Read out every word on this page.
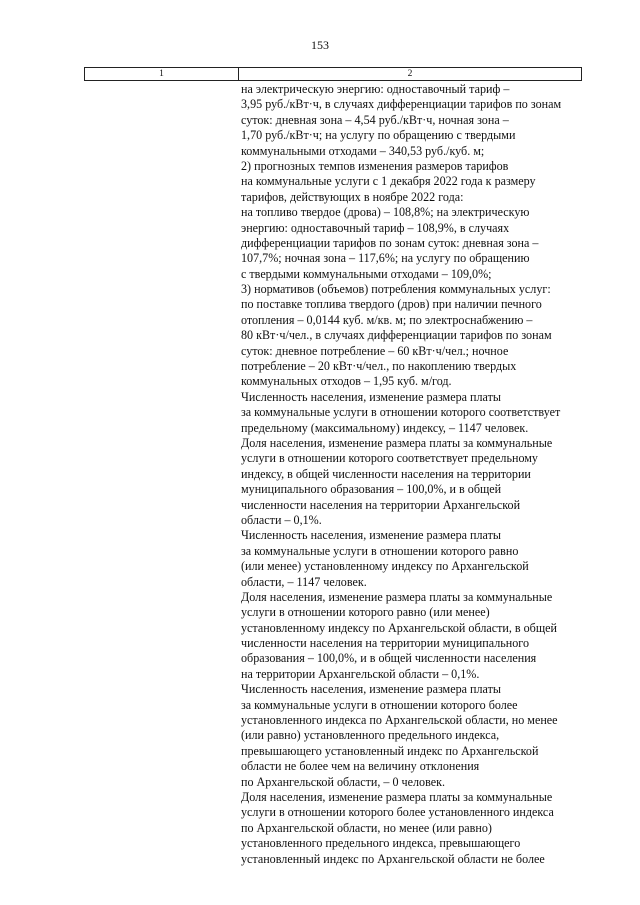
153
1	2
на электрическую энергию: одноставочный тариф –
3,95 руб./кВт·ч, в случаях дифференциации тарифов по зонам
суток: дневная зона – 4,54 руб./кВт·ч, ночная зона –
1,70 руб./кВт·ч; на услугу по обращению с твердыми
коммунальными отходами – 340,53 руб./куб. м;
2) прогнозных темпов изменения размеров тарифов
на коммунальные услуги с 1 декабря 2022 года к размеру
тарифов, действующих в ноябре 2022 года:
на топливо твердое (дрова) – 108,8%; на электрическую
энергию: одноставочный тариф – 108,9%, в случаях
дифференциации тарифов по зонам суток: дневная зона –
107,7%; ночная зона – 117,6%; на услугу по обращению
с твердыми коммунальными отходами – 109,0%;
3) нормативов (объемов) потребления коммунальных услуг:
по поставке топлива твердого (дров) при наличии печного
отопления – 0,0144 куб. м/кв. м; по электроснабжению –
80 кВт·ч/чел., в случаях дифференциации тарифов по зонам
суток: дневное потребление – 60 кВт·ч/чел.; ночное
потребление – 20 кВт·ч/чел., по накоплению твердых
коммунальных отходов – 1,95 куб. м/год.
Численность населения, изменение размера платы
за коммунальные услуги в отношении которого соответствует
предельному (максимальному) индексу, – 1147 человек.
Доля населения, изменение размера платы за коммунальные
услуги в отношении которого соответствует предельному
индексу, в общей численности населения на территории
муниципального образования – 100,0%, и в общей
численности населения на территории Архангельской
области – 0,1%.
Численность населения, изменение размера платы
за коммунальные услуги в отношении которого равно
(или менее) установленному индексу по Архангельской
области, – 1147 человек.
Доля населения, изменение размера платы за коммунальные
услуги в отношении которого равно (или менее)
установленному индексу по Архангельской области, в общей
численности населения на территории муниципального
образования – 100,0%, и в общей численности населения
на территории Архангельской области – 0,1%.
Численность населения, изменение размера платы
за коммунальные услуги в отношении которого более
установленного индекса по Архангельской области, но менее
(или равно) установленного предельного индекса,
превышающего установленный индекс по Архангельской
области не более чем на величину отклонения
по Архангельской области, – 0 человек.
Доля населения, изменение размера платы за коммунальные
услуги в отношении которого более установленного индекса
по Архангельской области, но менее (или равно)
установленного предельного индекса, превышающего
установленный индекс по Архангельской области не более
